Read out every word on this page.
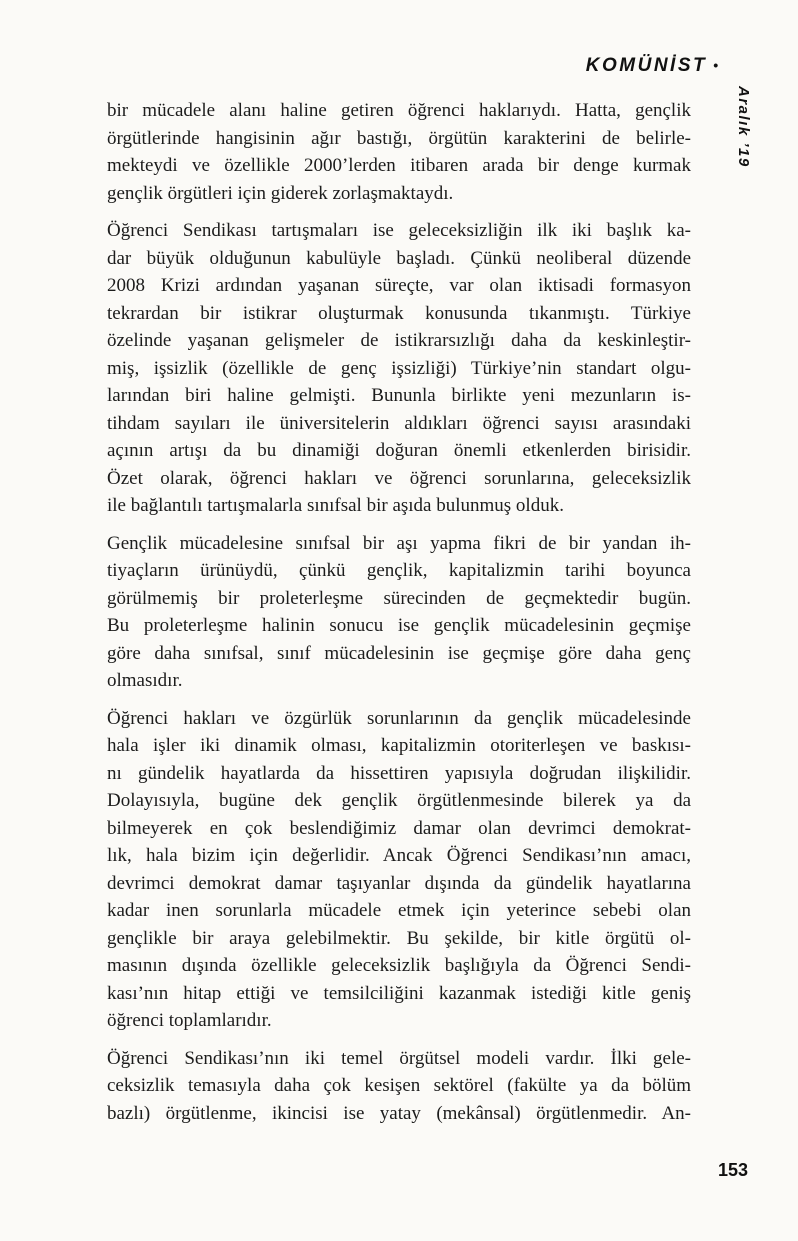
KOMÜNİST •
Aralık ’19
bir mücadele alanı haline getiren öğrenci haklarıydı. Hatta, gençlik
örgütlerinde hangisinin ağır bastığı, örgütün karakterini de belirle-
mekteydi ve özellikle 2000’lerden itibaren arada bir denge kurmak
gençlik örgütleri için giderek zorlaşmaktaydı.
Öğrenci Sendikası tartışmaları ise geleceksizliğin ilk iki başlık ka-
dar büyük olduğunun kabulüyle başladı. Çünkü neoliberal düzende
2008 Krizi ardından yaşanan süreçte, var olan iktisadi formasyon
tekrardan bir istikrar oluşturmak konusunda tıkanmıştı. Türkiye
özelinde yaşanan gelişmeler de istikrarsızlığı daha da keskinleştir-
miş, işsizlik (özellikle de genç işsizliği) Türkiye’nin standart olgu-
larından biri haline gelmişti. Bununla birlikte yeni mezunların is-
tihdam sayıları ile üniversitelerin aldıkları öğrenci sayısı arasındaki
açının artışı da bu dinamiği doğuran önemli etkenlerden birisidir.
Özet olarak, öğrenci hakları ve öğrenci sorunlarına, geleceksizlik
ile bağlantılı tartışmalarla sınıfsal bir aşıda bulunmuş olduk.
Gençlik mücadelesine sınıfsal bir aşı yapma fikri de bir yandan ih-
tiyaçların ürünüydü, çünkü gençlik, kapitalizmin tarihi boyunca
görülmemiş bir proleterleşme sürecinden de geçmektedir bugün.
Bu proleterleşme halinin sonucu ise gençlik mücadelesinin geçmişe
göre daha sınıfsal, sınıf mücadelesinin ise geçmişe göre daha genç
olmasıdır.
Öğrenci hakları ve özgürlük sorunlarının da gençlik mücadelesinde
hala işler iki dinamik olması, kapitalizmin otoriterleşen ve baskısı-
nı gündelik hayatlarda da hissettiren yapısıyla doğrudan ilişkilidir.
Dolayısıyla, bugüne dek gençlik örgütlenmesinde bilerek ya da
bilmeyerek en çok beslendiğimiz damar olan devrimci demokrat-
lık, hala bizim için değerlidir. Ancak Öğrenci Sendikası’nın amacı,
devrimci demokrat damar taşıyanlar dışında da gündelik hayatlarına
kadar inen sorunlarla mücadele etmek için yeterince sebebi olan
gençlikle bir araya gelebilmektir. Bu şekilde, bir kitle örgütü ol-
masının dışında özellikle geleceksizlik başlığıyla da Öğrenci Sendi-
kası’nın hitap ettiği ve temsilciliğini kazanmak istediği kitle geniş
öğrenci toplamlarıdır.
Öğrenci Sendikası’nın iki temel örgütsel modeli vardır. İlki gele-
ceksizlik temasıyla daha çok kesişen sektörel (fakülte ya da bölüm
bazlı) örgütlenme, ikincisi ise yatay (mekânsal) örgütlenmedir. An-
153
